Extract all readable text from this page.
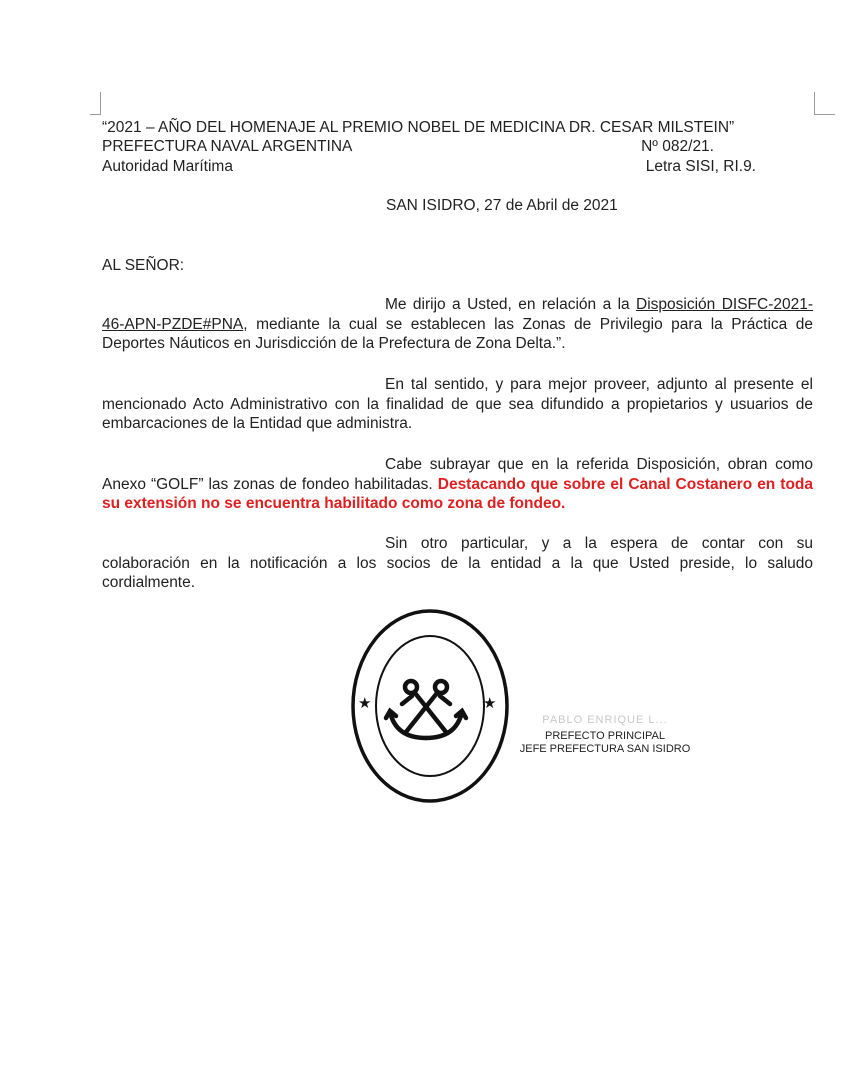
“2021 – AÑO DEL HOMENAJE AL PREMIO NOBEL DE MEDICINA DR. CESAR MILSTEIN”
PREFECTURA NAVAL ARGENTINA	Nº 082/21.
Autoridad Marítima	Letra SISI, RI.9.
SAN ISIDRO, 27 de Abril de 2021
AL SEÑOR:
Me dirijo a Usted, en relación a la Disposición DISFC-2021-46-APN-PZDE#PNA, mediante la cual se establecen las Zonas de Privilegio para la Práctica de Deportes Náuticos en Jurisdicción de la Prefectura de Zona Delta.”.
En tal sentido, y para mejor proveer, adjunto al presente el mencionado Acto Administrativo con la finalidad de que sea difundido a propietarios y usuarios de embarcaciones de la Entidad que administra.
Cabe subrayar que en la referida Disposición, obran como Anexo “GOLF” las zonas de fondeo habilitadas. Destacando que sobre el Canal Costanero en toda su extensión no se encuentra habilitado como zona de fondeo.
Sin otro particular, y a la espera de contar con su colaboración en la notificación a los socios de la entidad a la que Usted preside, lo saludo cordialmente.
★	★
PABLO ENRIQUE L...
PREFECTO PRINCIPAL
JEFE PREFECTURA SAN ISIDRO
